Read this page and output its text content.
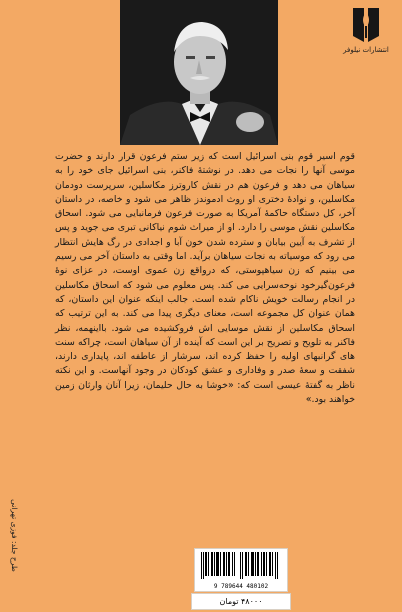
انتشارات نیلوفر

قوم اسیر قوم بنی اسرائیل است که زیر ستم فرعون قرار دارند و حضرت موسی آنها را نجات می دهد. در نوشتهٔ فاکنر، بنی اسرائیل جای خود را به سیاهان می دهد و فرعون هم در نقش کاروترز مکاسلین، سرپرست دودمان مکاسلین، و نوادهٔ دختری او روث ادموندز ظاهر می شود و خاصه، در داستان آخر، کل دستگاه حاکمهٔ آمریکا به صورت فرعون فرمانبایی می شود. اسحاق مکاسلین نقش موسی را دارد. او از میراث شوم نیاکانی تبری می جوید و پس از تشرف به آیین بیابان و سترده شدن خون آبا و اجدادی در رگ هایش انتظار می رود که موسیاته به نجات سیاهان برآید. اما وقتی به داستان آخر می رسیم می بینیم که زن سیاهپوستی، که درواقع زن عموی اوست، در عزای نوهٔ فرعون‌گیرخود نوحه‌سرایی می کند. پس معلوم می شود که اسحاق مکاسلین در انجام رسالت خویش ناکام شده است. جالب اینکه عنوان این داستان، که همان عنوان کل مجموعه است، معنای دیگری پیدا می کند. به این ترتیب که اسحاق مکاسلین از نقش موسایی اش فروکشیده می شود. بااینهمه، نظر فاکنر به تلویح و تصریح بر این است که آینده از آن سیاهان است، چراکه سنت های گرانبهای اولیه را حفظ کرده اند، سرشار از عاطفه اند، پایداری دارند، شفقت و سعهٔ صدر و وفاداری و عشق کودکان در وجود آنهاست. و این نکته ناظر به گفتهٔ عیسی است که: «خوشا به حال حلیمان، زیرا آنان وارثان زمین خواهند بود.»

9 789644 480102
۴۸۰۰۰ تومان
طرح جلد: فوزی تهرانی
